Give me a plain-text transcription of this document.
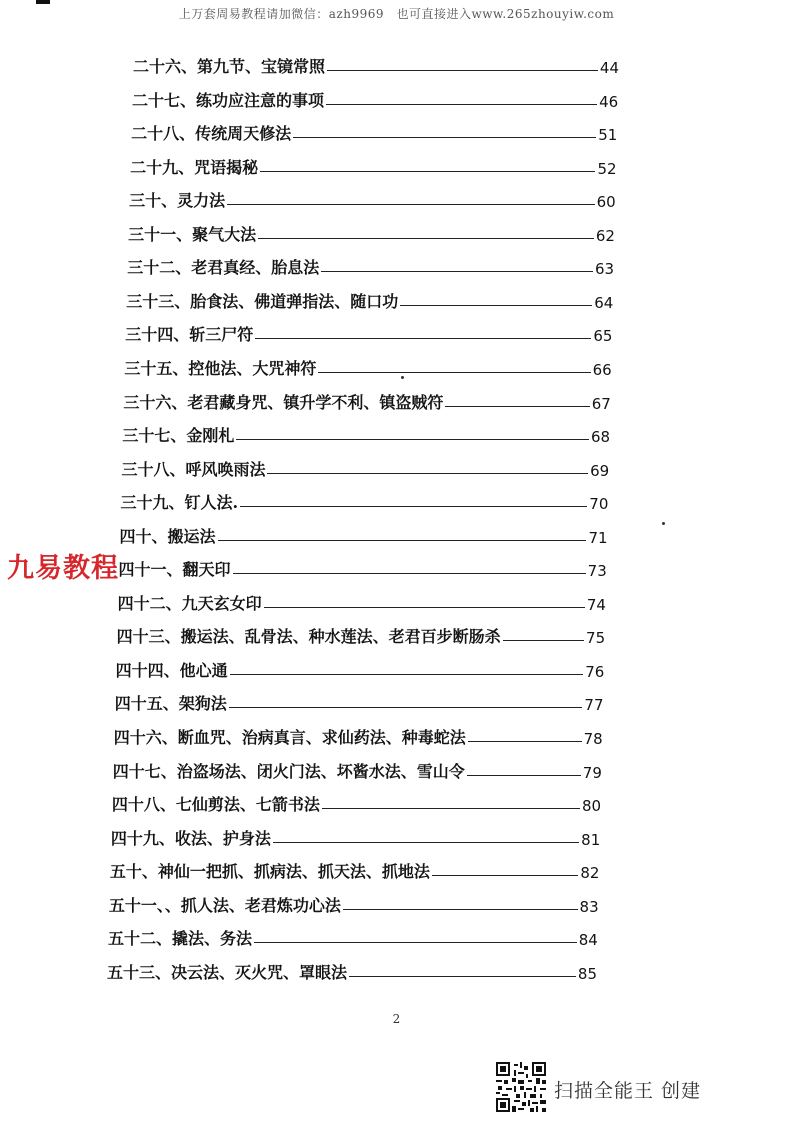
上万套周易教程请加微信：azh9969　也可直接进入www.265zhouyiw.com
二十六、第九节、宝镜常照	44
二十七、练功应注意的事项	46
二十八、传统周天修法	51
二十九、咒语揭秘	52
三十、灵力法	60
三十一、聚气大法	62
三十二、老君真经、胎息法	63
三十三、胎食法、佛道弹指法、随口功	64
三十四、斩三尸符	65
三十五、控他法、大咒神符	66
三十六、老君藏身咒、镇升学不利、镇盗贼符	67
三十七、金刚札	68
三十八、呼风唤雨法	69
三十九、钉人法.	70
四十、搬运法	71
四十一、翻天印	73
四十二、九天玄女印	74
四十三、搬运法、乱骨法、种水莲法、老君百步断肠杀	75
四十四、他心通	76
四十五、架狗法	77
四十六、断血咒、治病真言、求仙药法、种毒蛇法	78
四十七、治盗场法、闭火门法、坏酱水法、雪山令	79
四十八、七仙剪法、七箭书法	80
四十九、收法、护身法	81
五十、神仙一把抓、抓病法、抓天法、抓地法	82
五十一、、抓人法、老君炼功心法	83
五十二、撬法、务法	84
五十三、决云法、灭火咒、罩眼法	85
九易教程
2
扫描全能王 创建
